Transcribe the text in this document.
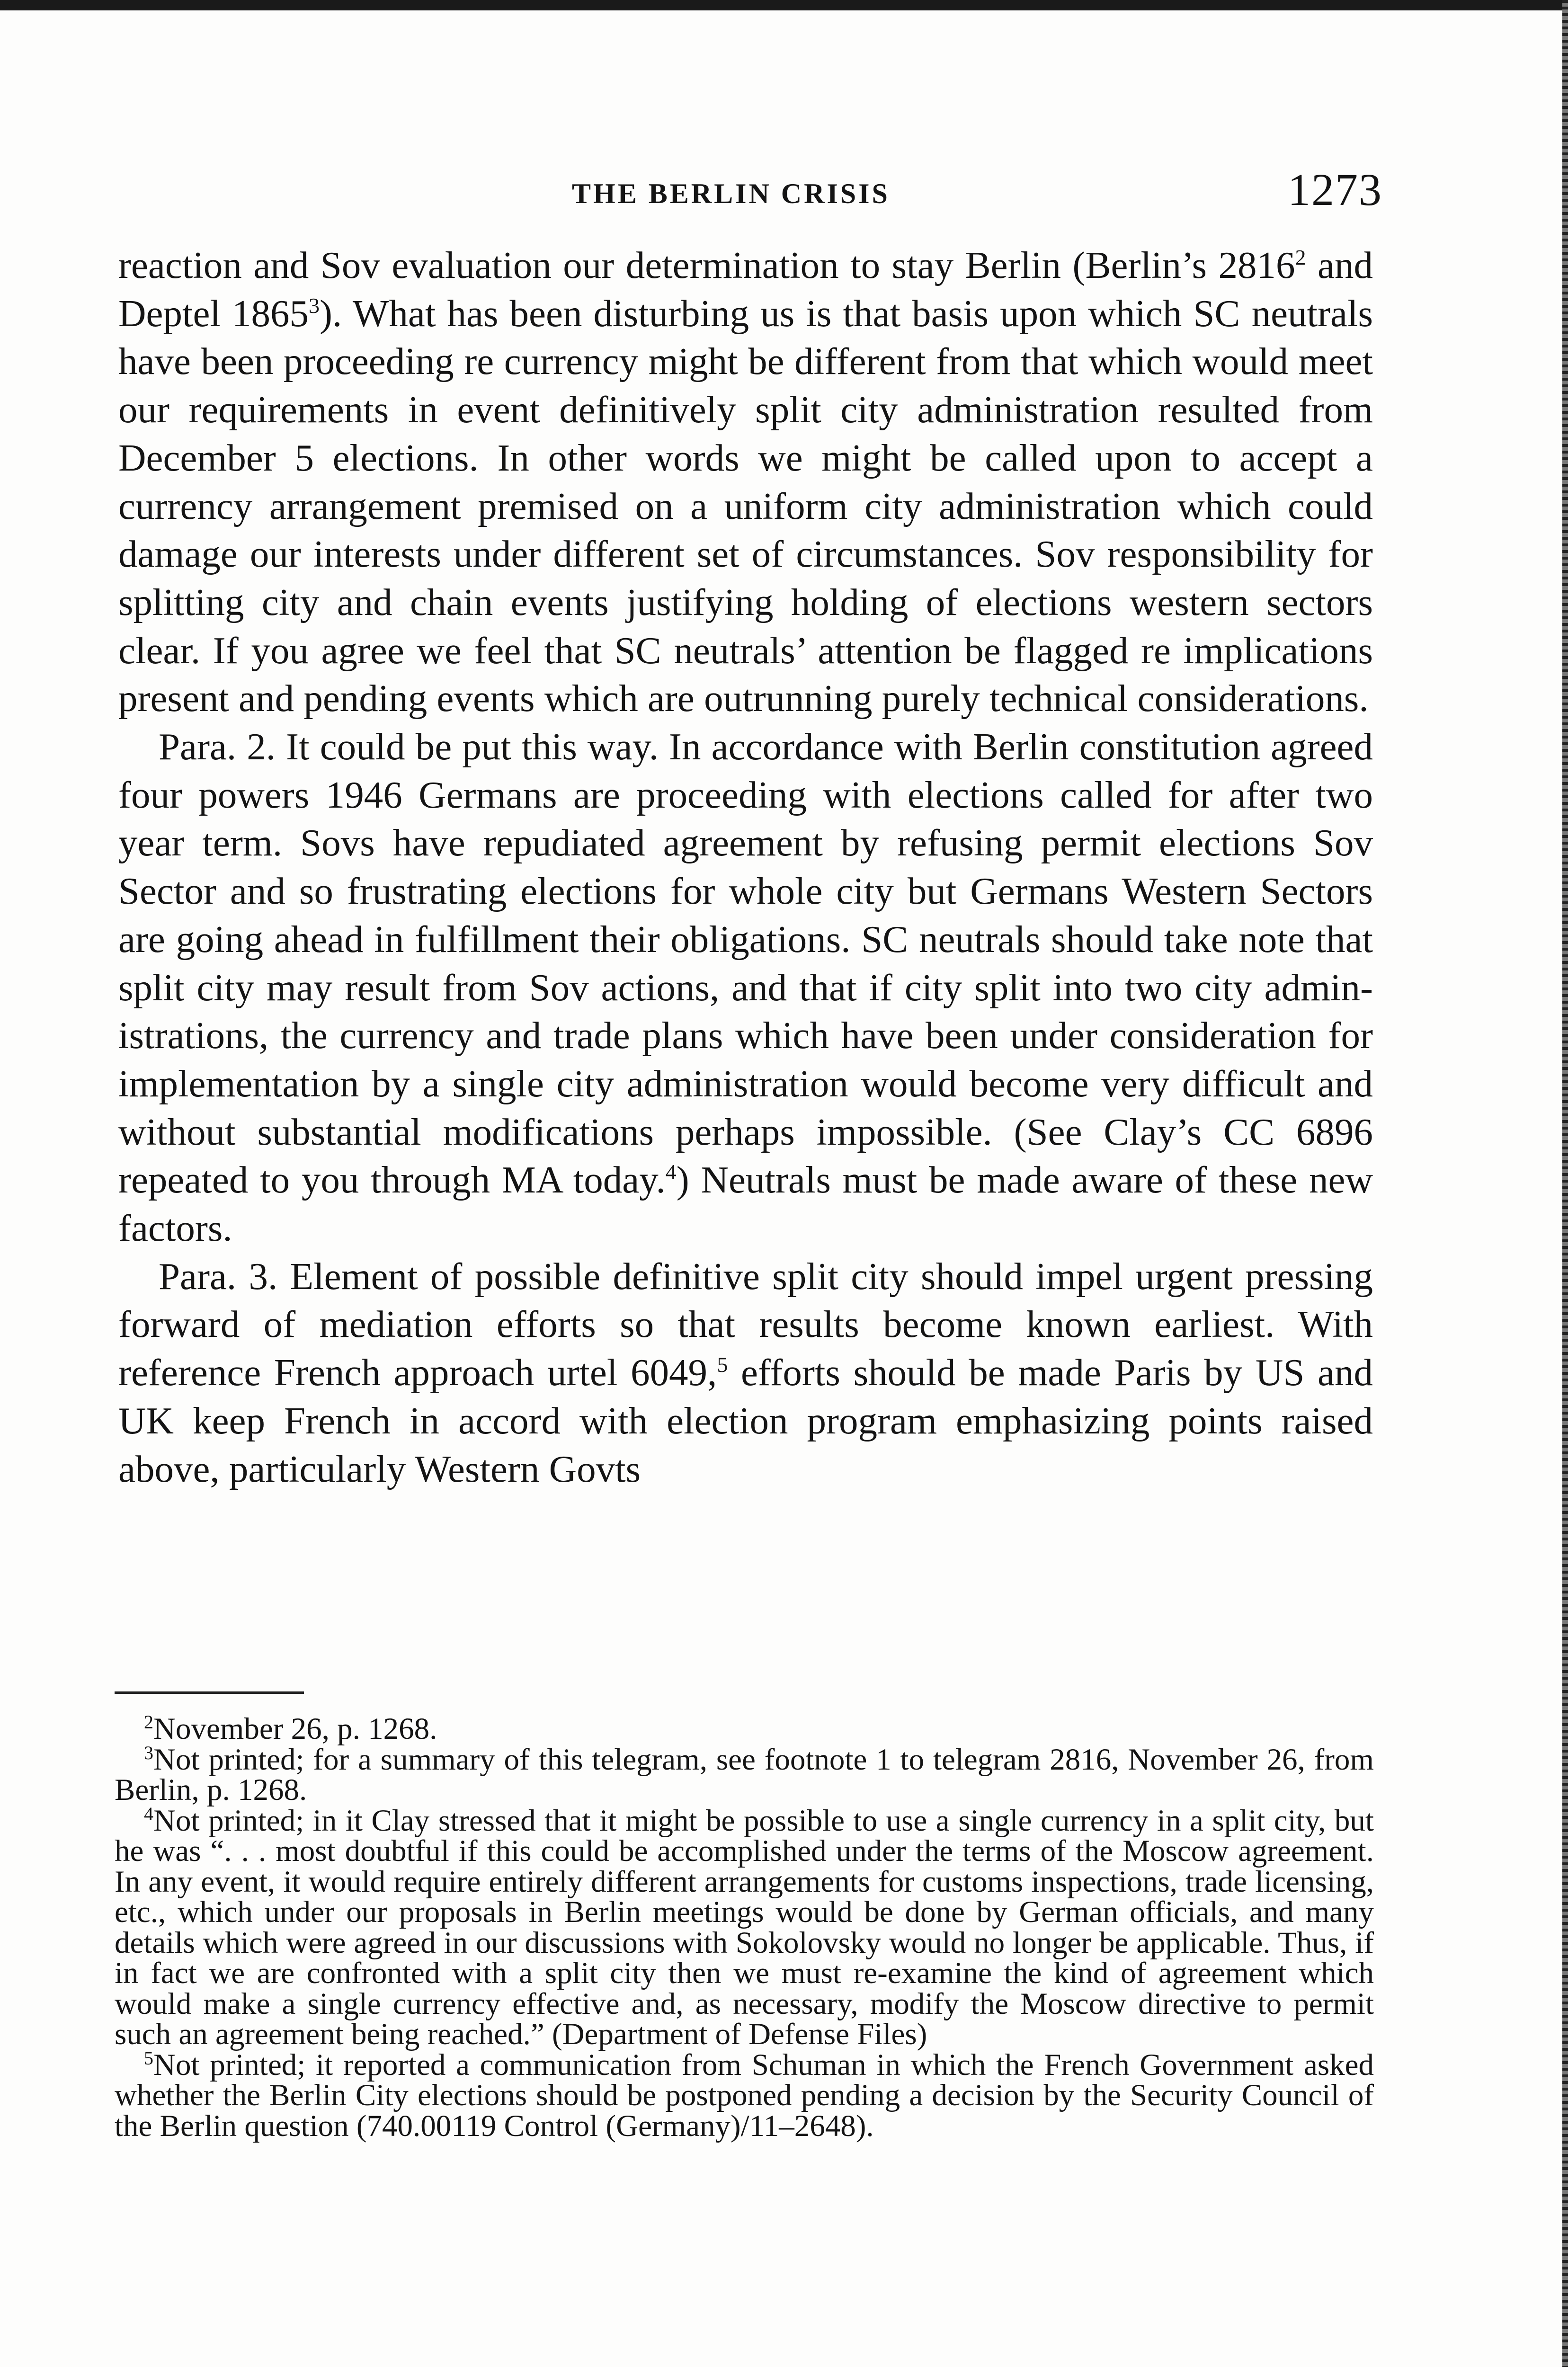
THE BERLIN CRISIS	1273

reaction and Sov evaluation our determination to stay Berlin (Berlin’s 2816$^2$ and Deptel 1865$^3$). What has been disturbing us is that basis upon which SC neutrals have been proceeding re currency might be different from that which would meet our requirements in event definitively split city administration resulted from December 5 elections. In other words we might be called upon to accept a currency arrangement premised on a uniform city administration which could damage our interests under different set of circumstances. Sov responsibility for splitting city and chain events justifying holding of elections western sectors clear. If you agree we feel that SC neutrals’ attention be flagged re implications present and pending events which are outrunning purely technical considerations.

Para. 2. It could be put this way. In accordance with Berlin constitution agreed four powers 1946 Germans are proceeding with elections called for after two year term. Sovs have repudiated agreement by refusing permit elections Sov Sector and so frustrating elections for whole city but Germans Western Sectors are going ahead in fulfillment their obligations. SC neutrals should take note that split city may result from Sov actions, and that if city split into two city administrations, the currency and trade plans which have been under consideration for implementation by a single city administration would become very difficult and without substantial modifications perhaps impossible. (See Clay’s CC 6896 repeated to you through MA today.$^4$) Neutrals must be made aware of these new factors.

Para. 3. Element of possible definitive split city should impel urgent pressing forward of mediation efforts so that results become known earliest. With reference French approach urtel 6049,$^5$ efforts should be made Paris by US and UK keep French in accord with election program emphasizing points raised above, particularly Western Govts

$^2$November 26, p. 1268.

$^3$Not printed; for a summary of this telegram, see footnote 1 to telegram 2816, November 26, from Berlin, p. 1268.

$^4$Not printed; in it Clay stressed that it might be possible to use a single currency in a split city, but he was “. . . most doubtful if this could be accomplished under the terms of the Moscow agreement. In any event, it would require entirely different arrangements for customs inspections, trade licensing, etc., which under our proposals in Berlin meetings would be done by German officials, and many details which were agreed in our discussions with Sokolovsky would no longer be applicable. Thus, if in fact we are confronted with a split city then we must re-examine the kind of agreement which would make a single currency effective and, as necessary, modify the Moscow directive to permit such an agreement being reached.” (Department of Defense Files)

$^5$Not printed; it reported a communication from Schuman in which the French Government asked whether the Berlin City elections should be postponed pending a decision by the Security Council of the Berlin question (740.00119 Control (Germany)/11–2648).
